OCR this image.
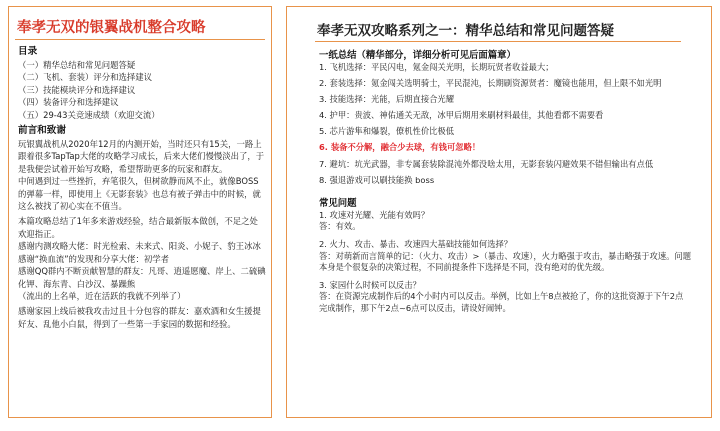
奉孝无双的银翼战机整合攻略

目录

（一）精华总结和常见问题答疑

（二）飞机、套装）评分和选择建议

（三）技能模块评分和选择建议

（四）装备评分和选择建议

（五）29-43关竞速成绩（欢迎交流）

前言和致谢

玩银翼战机从2020年12月的内测开始，当时还只有15关，一路上跟着很多TapTap大佬的攻略学习成长，后来大佬们慢慢淡出了，于是我便尝试着开始写攻略，希望帮助更多的玩家和群友。

中间遇到过一些挫折，弃笔很久，但树欲静而风不止，就像BOSS的弹幕一样，即使用上《无影套装》也总有被子弹击中的时候，就这么被找了初心实在不值当。

本篇攻略总结了1年多来游戏经验，结合最新版本做创，不足之处欢迎指正。

感谢内测攻略大佬：时光检索、未来式、阳炎、小妮子、豹王冰冰

感谢“换血流”的发现和分享大佬：初学者

感谢QQ群内不断贡献智慧的群友：凡哥、逍遥愿魔、岸上、二硫碘化钾、海东青、白沙汉、暴躁熊

（流出的上名单，近在活跃的我就不列举了）

感谢家园上线后被我攻击过且十分包容的群友：嘉欢酒和女生援提好友、乱他小白鼠，得到了一些第一手家园的数据和经验。

奉孝无双攻略系列之一：精华总结和常见问题答疑

一纸总结（精华部分，详细分析可见后面篇章）

1. 飞机选择：平民闪电，氪金闯关光明，长期玩贤者收益最大；

2. 套装选择：氪金闯关选明骑士，平民混沌，长期刷资源贤者：魔镜也能用，但上限不如光明

3. 技能选择：光能，后期直接合光耀

4. 护甲：贵波、神佑通关无敌，冰甲后期用来刷材料最佳，其他看都不需要看

5. 芯片游隼和爆裂，僚机性价比极低

6. 装备不分解，融合少去球，有钱可忽略！

7. 避坑：坑光武器，非专属套装除混沌外都没啥太用，无影套装闪避效果不错但输出有点低

8. 强退游戏可以刷技能换 boss

常见问题

1. 攻速对光耀、光能有效吗？

答：有效。

2. 火力、攻击、暴击、攻速四大基础技能如何选择？

答：对萌新而言简单的记：（火力、攻击）>（暴击、攻速），火力略强于攻击，暴击略强于攻速。问题本身是个很复杂的决策过程，不同前提条件下选择是不同，没有绝对的优先级。

3. 家园什么时候可以反击？

答：在资源完成制作后的4个小时内可以反击。举例，比如上午8点被抢了，你的这批资源于下午2点完成制作，那下午2点~6点可以反击，请设好闹钟。
